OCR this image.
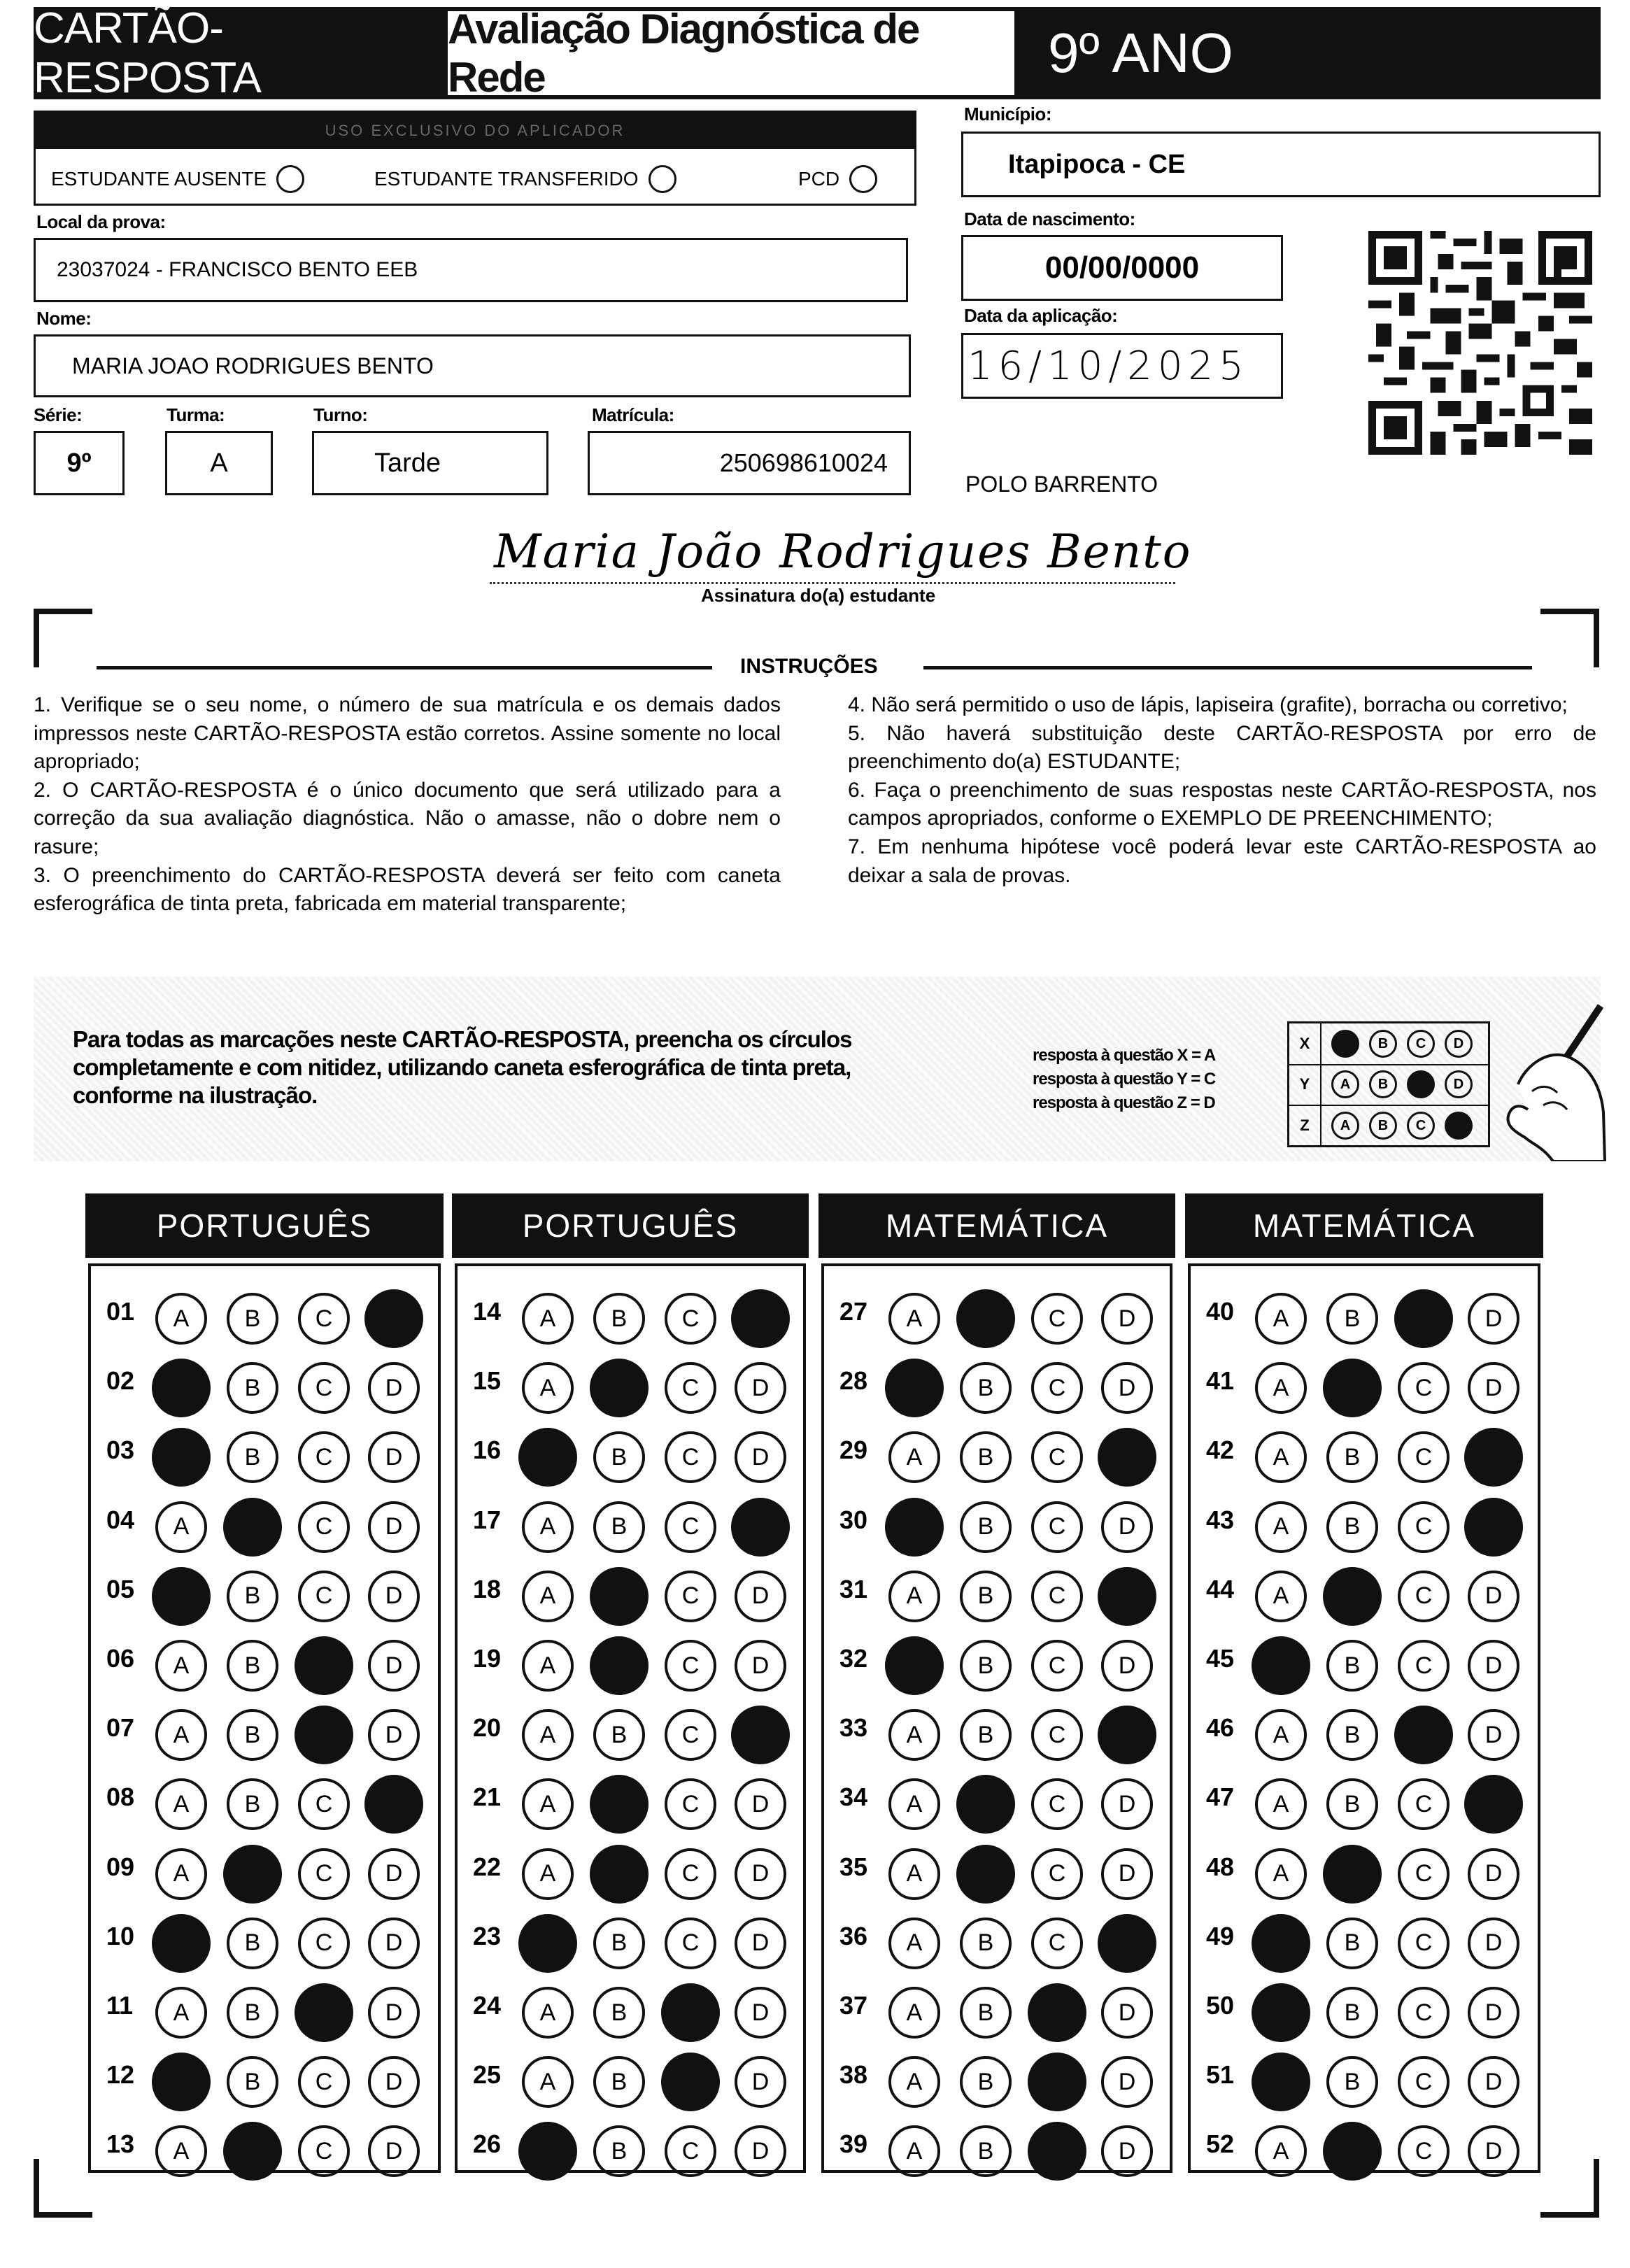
CARTÃO-RESPOSTA
Avaliação Diagnóstica de Rede	9º ANO
USO EXCLUSIVO DO APLICADOR
ESTUDANTE AUSENTE	ESTUDANTE TRANSFERIDO	PCD
Local da prova:
23037024 - FRANCISCO BENTO EEB
Nome:
MARIA JOAO RODRIGUES BENTO
Série:
9º
Turma:
A
Turno:
Tarde
Matrícula:
250698610024
Município:
Itapipoca - CE
Data de nascimento:
00/00/0000
Data da aplicação:
16/10/2025
POLO BARRENTO
Maria João Rodrigues Bento
Assinatura do(a) estudante
INSTRUÇÕES

1. Verifique se o seu nome, o número de sua matrícula e os demais dados impressos neste CARTÃO-RESPOSTA estão corretos. Assine somente no local apropriado;

2. O CARTÃO-RESPOSTA é o único documento que será utilizado para a correção da sua avaliação diagnóstica. Não o amasse, não o dobre nem o rasure;

3. O preenchimento do CARTÃO-RESPOSTA deverá ser feito com caneta esferográfica de tinta preta, fabricada em material transparente;

4. Não será permitido o uso de lápis, lapiseira (grafite), borracha ou corretivo;

5. Não haverá substituição deste CARTÃO-RESPOSTA por erro de preenchimento do(a) ESTUDANTE;

6. Faça o preenchimento de suas respostas neste CARTÃO-RESPOSTA, nos campos apropriados, conforme o EXEMPLO DE PREENCHIMENTO;

7. Em nenhuma hipótese você poderá levar este CARTÃO-RESPOSTA ao deixar a sala de provas.

Para todas as marcações neste CARTÃO-RESPOSTA, preencha os círculos completamente e com nitidez, utilizando caneta esferográfica de tinta preta, conforme na ilustração.
resposta à questão X = A
resposta à questão Y = C
resposta à questão Z = D
X	A	B	C	D
Y	A	B	C	D
Z	A	B	C	D
PORTUGUÊS
01	A	B	C	D
02	A	B	C	D
03	A	B	C	D
04	A	B	C	D
05	A	B	C	D
06	A	B	C	D
07	A	B	C	D
08	A	B	C	D
09	A	B	C	D
10	A	B	C	D
11	A	B	C	D
12	A	B	C	D
13	A	B	C	D
PORTUGUÊS
14	A	B	C	D
15	A	B	C	D
16	A	B	C	D
17	A	B	C	D
18	A	B	C	D
19	A	B	C	D
20	A	B	C	D
21	A	B	C	D
22	A	B	C	D
23	A	B	C	D
24	A	B	C	D
25	A	B	C	D
26	A	B	C	D
MATEMÁTICA
27	A	B	C	D
28	A	B	C	D
29	A	B	C	D
30	A	B	C	D
31	A	B	C	D
32	A	B	C	D
33	A	B	C	D
34	A	B	C	D
35	A	B	C	D
36	A	B	C	D
37	A	B	C	D
38	A	B	C	D
39	A	B	C	D
MATEMÁTICA
40	A	B	C	D
41	A	B	C	D
42	A	B	C	D
43	A	B	C	D
44	A	B	C	D
45	A	B	C	D
46	A	B	C	D
47	A	B	C	D
48	A	B	C	D
49	A	B	C	D
50	A	B	C	D
51	A	B	C	D
52	A	B	C	D
